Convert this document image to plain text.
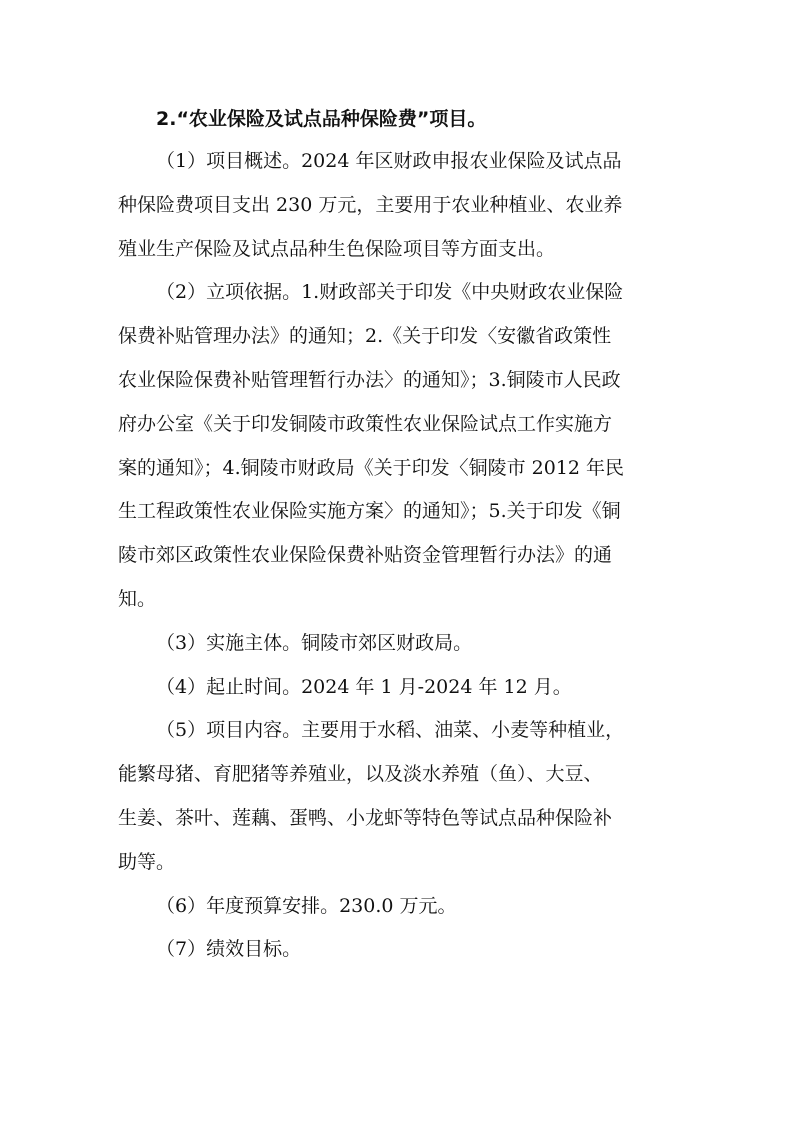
2.“农业保险及试点品种保险费”项目。

（1）项目概述。2024 年区财政申报农业保险及试点品
种保险费项目支出 230 万元，主要用于农业种植业、农业养
殖业生产保险及试点品种生色保险项目等方面支出。

（2）立项依据。1.财政部关于印发《中央财政农业保险
保费补贴管理办法》的通知；2.《关于印发〈安徽省政策性
农业保险保费补贴管理暂行办法〉的通知》；3.铜陵市人民政
府办公室《关于印发铜陵市政策性农业保险试点工作实施方
案的通知》；4.铜陵市财政局《关于印发〈铜陵市 2012 年民
生工程政策性农业保险实施方案〉的通知》；5.关于印发《铜
陵市郊区政策性农业保险保费补贴资金管理暂行办法》的通
知。

（3）实施主体。铜陵市郊区财政局。

（4）起止时间。2024 年 1 月-2024 年 12 月。

（5）项目内容。主要用于水稻、油菜、小麦等种植业，
能繁母猪、育肥猪等养殖业，以及淡水养殖（鱼）、大豆、
生姜、茶叶、莲藕、蛋鸭、小龙虾等特色等试点品种保险补
助等。

（6）年度预算安排。230.0 万元。

（7）绩效目标。
